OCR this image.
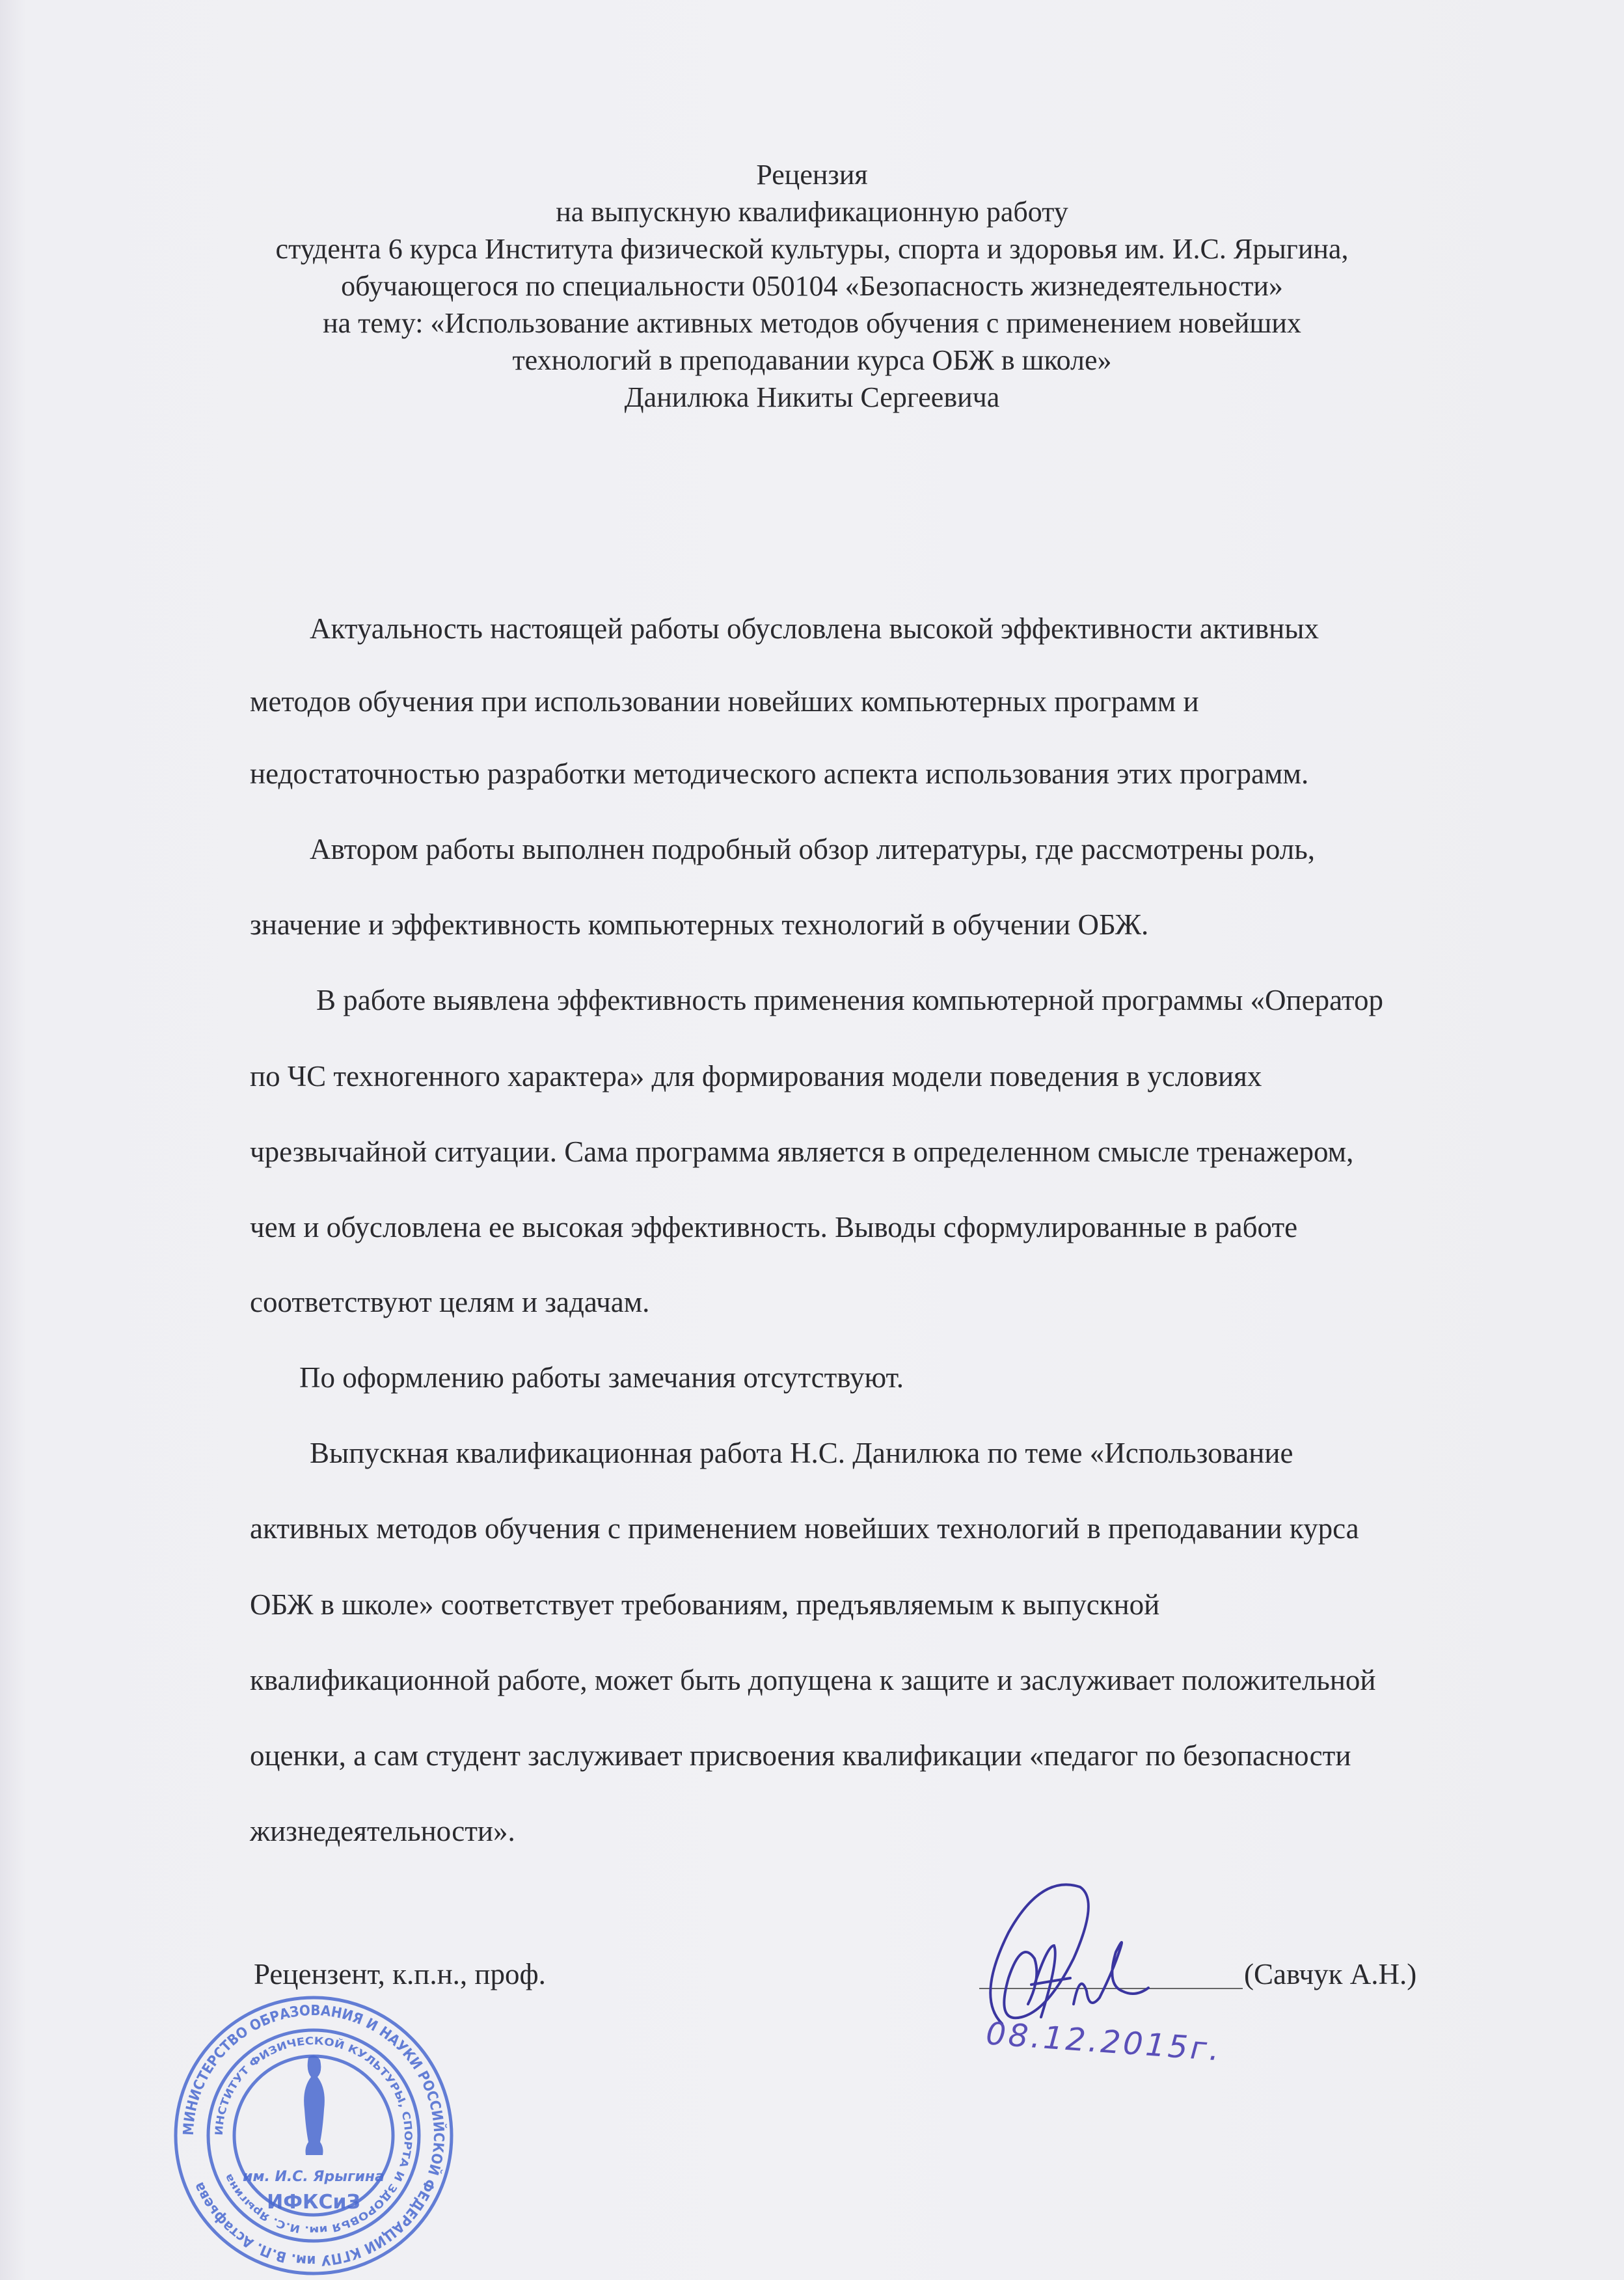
Рецензия
на выпускную квалификационную работу
студента 6 курса Института физической культуры, спорта и здоровья им. И.С. Ярыгина,
обучающегося по специальности 050104 «Безопасность жизнедеятельности»
на тему: «Использование активных методов обучения с применением новейших
технологий в преподавании курса ОБЖ в школе»
Данилюка Никиты Сергеевича
Актуальность настоящей работы обусловлена высокой эффективности активных
методов обучения при использовании новейших компьютерных программ и
недостаточностью разработки методического аспекта использования этих программ.
Автором работы выполнен подробный обзор литературы, где рассмотрены роль,
значение и эффективность компьютерных технологий в обучении ОБЖ.
В работе выявлена эффективность применения компьютерной программы «Оператор
по ЧС техногенного характера» для формирования модели поведения в условиях
чрезвычайной ситуации. Сама программа является в определенном смысле тренажером,
чем и обусловлена ее высокая эффективность. Выводы сформулированные в работе
соответствуют целям и задачам.
По оформлению работы замечания отсутствуют.
Выпускная квалификационная работа Н.С. Данилюка по теме «Использование
активных методов обучения с применением новейших технологий в преподавании курса
ОБЖ в школе» соответствует требованиям, предъявляемым к выпускной
квалификационной работе, может быть допущена к защите и заслуживает положительной
оценки, а сам студент заслуживает присвоения квалификации «педагог по безопасности
жизнедеятельности».
МИНИСТЕРСТВО ОБРАЗОВАНИЯ И НАУКИ РОССИЙСКОЙ ФЕДЕРАЦИИ КГПУ им. В.П. Астафьева
ИНСТИТУТ ФИЗИЧЕСКОЙ КУЛЬТУРЫ, СПОРТА И ЗДОРОВЬЯ им. И.С. Ярыгина им. И.С. Ярыгина
ИФКСиЗ
Рецензент, к.п.н., проф.	(Савчук А.Н.)
08.12.2015г.
